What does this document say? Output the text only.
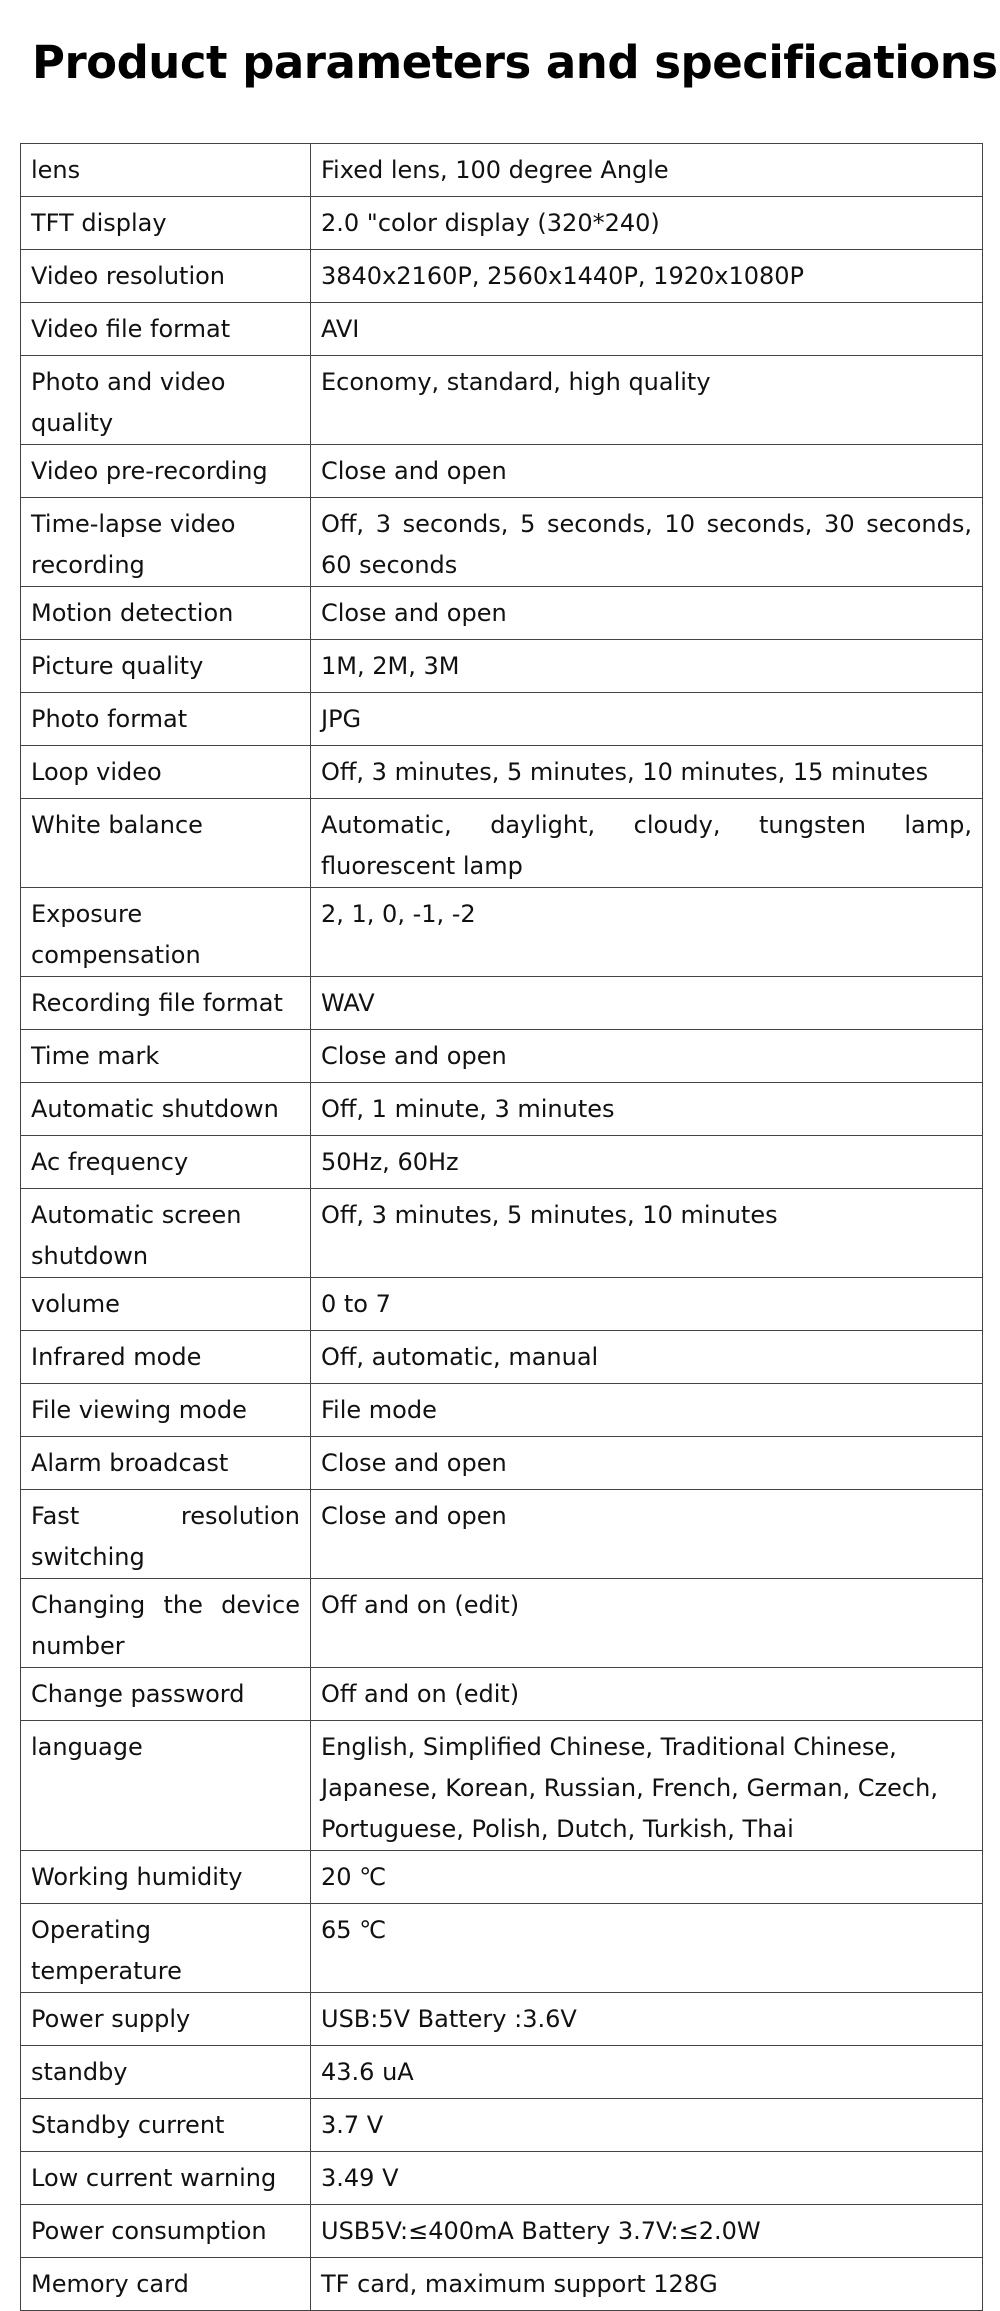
Product parameters and specifications
lens	Fixed lens, 100 degree Angle
TFT display	2.0 "color display (320*240)
Video resolution	3840x2160P, 2560x1440P, 1920x1080P
Video file format	AVI
Photo and video quality	Economy, standard, high quality
Video pre-recording	Close and open
Time-lapse video recording	Off, 3 seconds, 5 seconds, 10 seconds, 30 seconds, 60 seconds
Motion detection	Close and open
Picture quality	1M, 2M, 3M
Photo format	JPG
Loop video	Off, 3 minutes, 5 minutes, 10 minutes, 15 minutes
White balance	Automatic, daylight, cloudy, tungsten lamp, fluorescent lamp
Exposure compensation	2, 1, 0, -1, -2
Recording file format	WAV
Time mark	Close and open
Automatic shutdown	Off, 1 minute, 3 minutes
Ac frequency	50Hz, 60Hz
Automatic screen shutdown	Off, 3 minutes, 5 minutes, 10 minutes
volume	0 to 7
Infrared mode	Off, automatic, manual
File viewing mode	File mode
Alarm broadcast	Close and open
Fast resolution switching	Close and open
Changing the device number	Off and on (edit)
Change password	Off and on (edit)
language	English, Simplified Chinese, Traditional Chinese, Japanese, Korean, Russian, French, German, Czech, Portuguese, Polish, Dutch, Turkish, Thai
Working humidity	20 ℃
Operating temperature	65 ℃
Power supply	USB:5V Battery :3.6V
standby	43.6 uA
Standby current	3.7 V
Low current warning	3.49 V
Power consumption	USB5V:≤400mA Battery 3.7V:≤2.0W
Memory card	TF card, maximum support 128G
